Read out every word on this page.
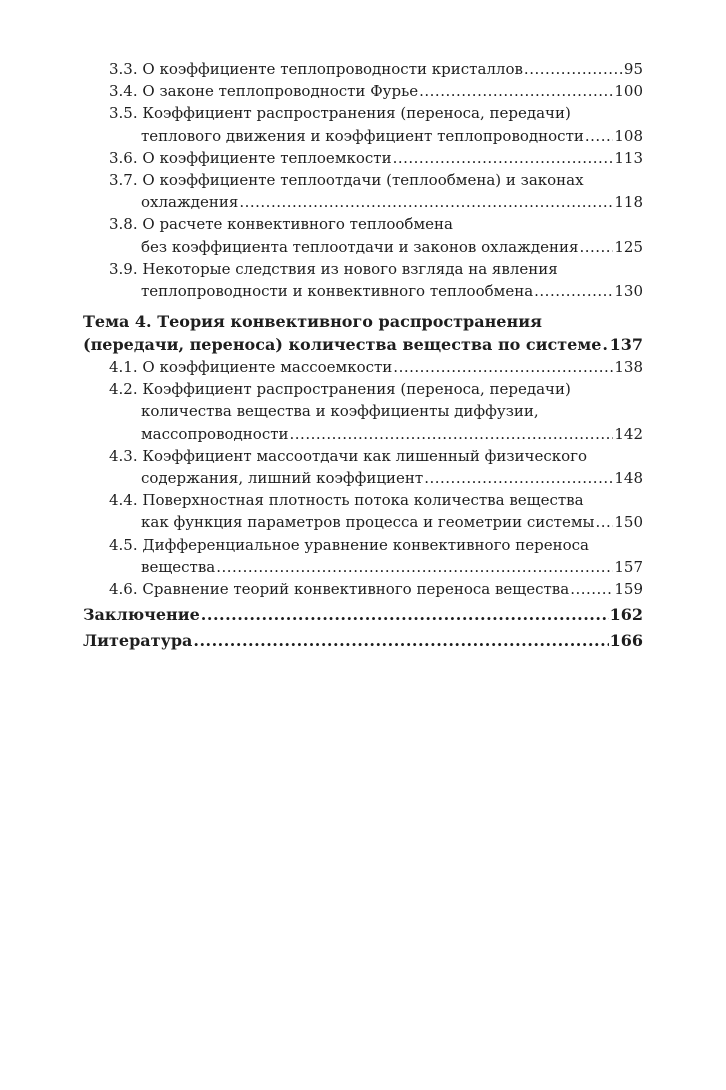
3.3. О коэффициенте теплопроводности кристаллов .....	95
3.4. О законе теплопроводности Фурье .....	100
3.5. Коэффициент распространения (переноса, передачи)
теплового движения и коэффициент теплопроводности ..... 108
3.6. О коэффициенте теплоемкости .....	113
3.7. О коэффициенте теплоотдачи (теплообмена) и законах
охлаждения .....	118
3.8. О расчете конвективного теплообмена
без коэффициента теплоотдачи и законов охлаждения ..... 125
3.9. Некоторые следствия из нового взгляда на явления
теплопроводности и конвективного теплообмена .....	130
Тема 4. Теория конвективного распространения
(передачи, переноса) количества вещества по системе ..... 137
4.1. О коэффициенте массоемкости .....	138
4.2. Коэффициент распространения (переноса, передачи)
количества вещества и коэффициенты диффузии,
массопроводности .....	142
4.3. Коэффициент массоотдачи как лишенный физического
содержания, лишний коэффициент .....	148
4.4. Поверхностная плотность потока количества вещества
как функция параметров процесса и геометрии системы ..... 150
4.5. Дифференциальное уравнение конвективного переноса
вещества .....	157
4.6. Сравнение теорий конвективного переноса вещества .....	159
Заключение .....	162
Литература .....	166
